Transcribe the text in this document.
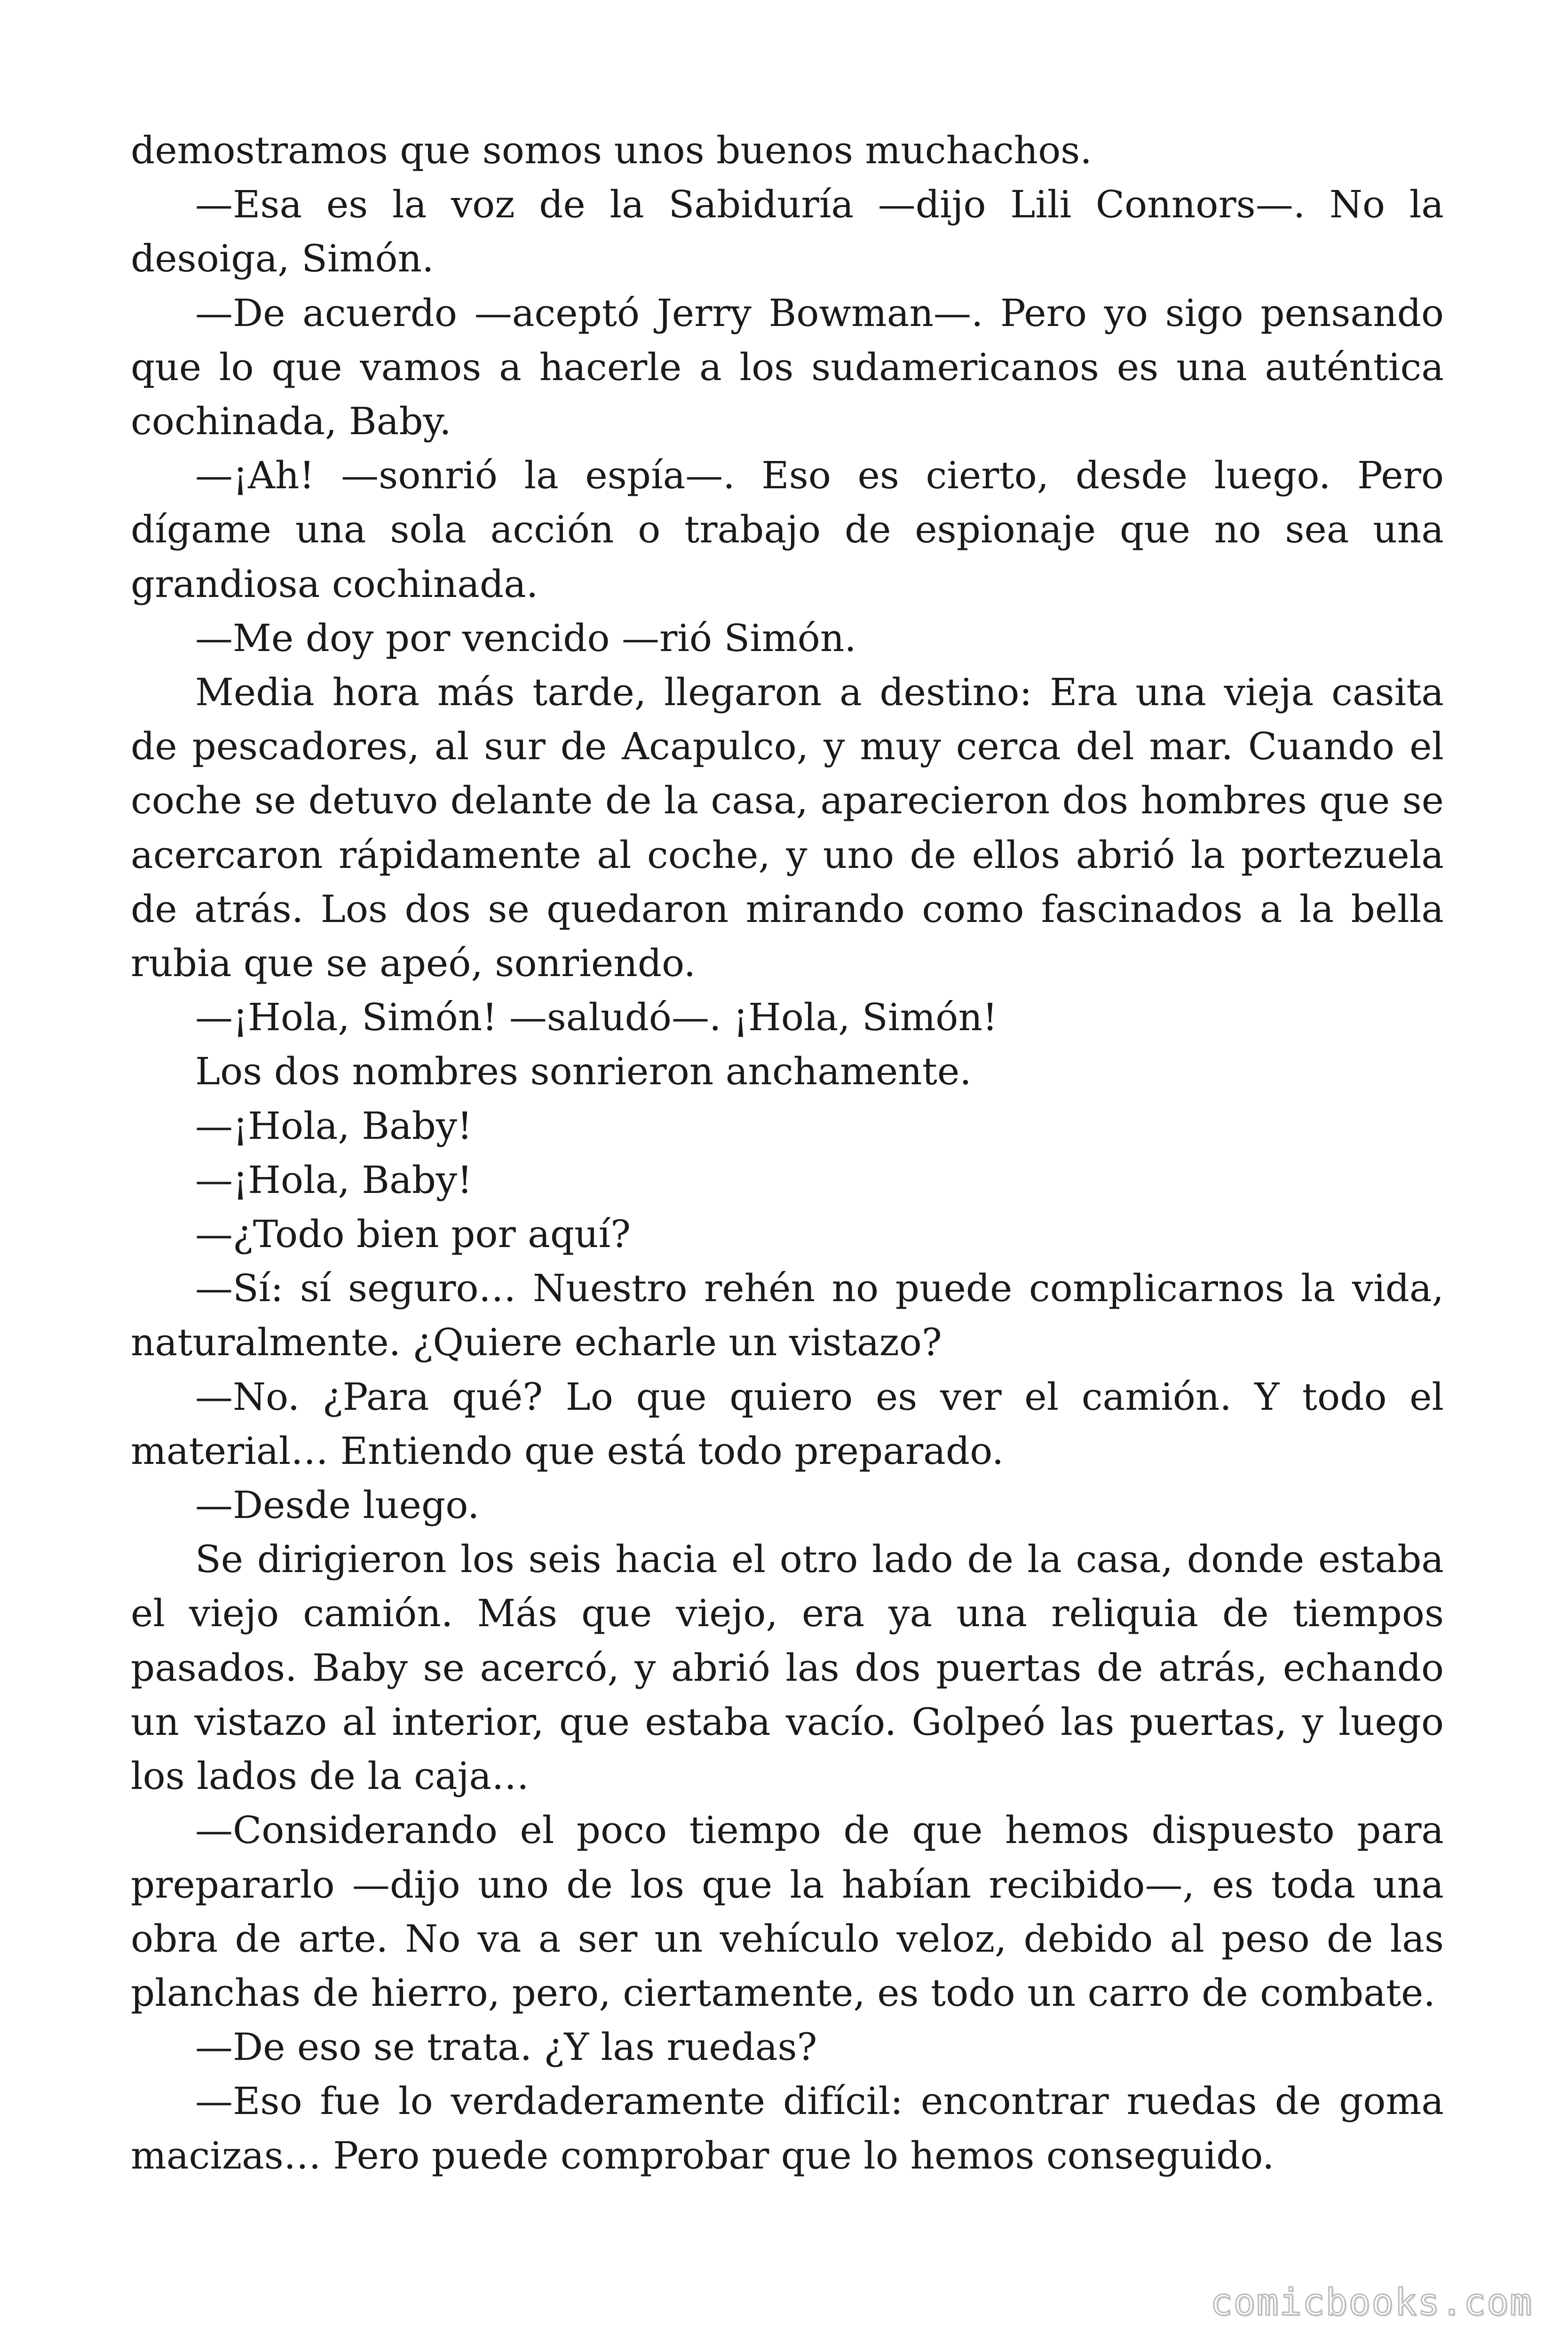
demostramos que somos unos buenos muchachos.

—Esa es la voz de la Sabiduría —dijo Lili Connors—. No la desoiga, Simón.

—De acuerdo —aceptó Jerry Bowman—. Pero yo sigo pensando que lo que vamos a hacerle a los sudamericanos es una auténtica cochinada, Baby.

—¡Ah! —sonrió la espía—. Eso es cierto, desde luego. Pero dígame una sola acción o trabajo de espionaje que no sea una grandiosa cochinada.

—Me doy por vencido —rió Simón.

Media hora más tarde, llegaron a destino: Era una vieja casita de pescadores, al sur de Acapulco, y muy cerca del mar. Cuando el coche se detuvo delante de la casa, aparecieron dos hombres que se acercaron rápidamente al coche, y uno de ellos abrió la portezuela de atrás. Los dos se quedaron mirando como fascinados a la bella rubia que se apeó, sonriendo.

—¡Hola, Simón! —saludó—. ¡Hola, Simón!

Los dos nombres sonrieron anchamente.

—¡Hola, Baby!

—¡Hola, Baby!

—¿Todo bien por aquí?

—Sí: sí seguro… Nuestro rehén no puede complicarnos la vida, naturalmente. ¿Quiere echarle un vistazo?

—No. ¿Para qué? Lo que quiero es ver el camión. Y todo el material… Entiendo que está todo preparado.

—Desde luego.

Se dirigieron los seis hacia el otro lado de la casa, donde estaba el viejo camión. Más que viejo, era ya una reliquia de tiempos pasados. Baby se acercó, y abrió las dos puertas de atrás, echando un vistazo al interior, que estaba vacío. Golpeó las puertas, y luego los lados de la caja…

—Considerando el poco tiempo de que hemos dispuesto para prepararlo —dijo uno de los que la habían recibido—, es toda una obra de arte. No va a ser un vehículo veloz, debido al peso de las planchas de hierro, pero, ciertamente, es todo un carro de combate.

—De eso se trata. ¿Y las ruedas?

—Eso fue lo verdaderamente difícil: encontrar ruedas de goma macizas… Pero puede comprobar que lo hemos conseguido.

comicbooks.com
